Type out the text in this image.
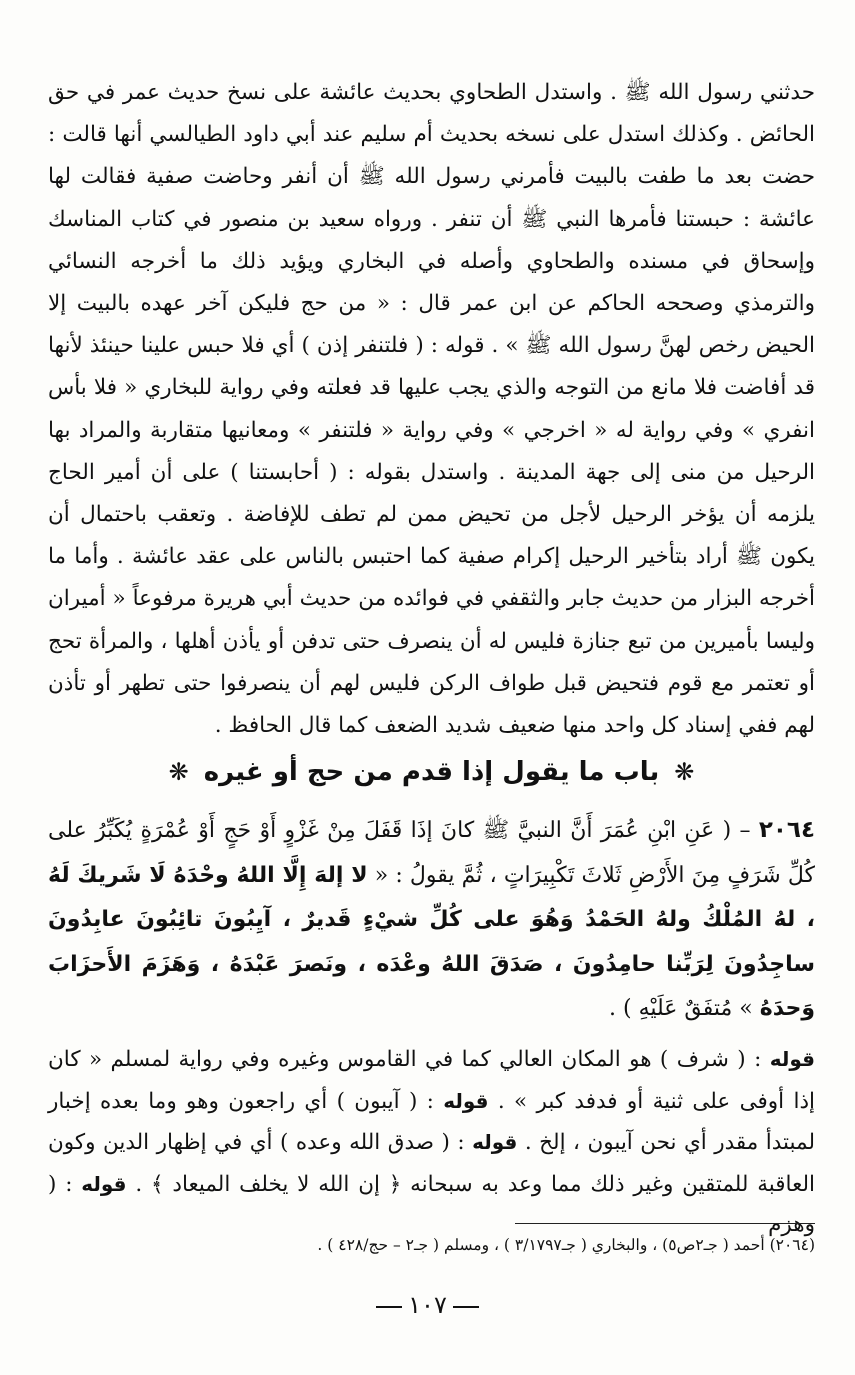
حدثني رسول الله ﷺ . واستدل الطحاوي بحديث عائشة على نسخ حديث عمر في حق الحائض . وكذلك استدل على نسخه بحديث أم سليم عند أبي داود الطيالسي أنها قالت : حضت بعد ما طفت بالبيت فأمرني رسول الله ﷺ أن أنفر وحاضت صفية فقالت لها عائشة : حبستنا فأمرها النبي ﷺ أن تنفر . ورواه سعيد بن منصور في كتاب المناسك وإسحاق في مسنده والطحاوي وأصله في البخاري ويؤيد ذلك ما أخرجه النسائي والترمذي وصححه الحاكم عن ابن عمر قال : « من حج فليكن آخر عهده بالبيت إلا الحيض رخص لهنَّ رسول الله ﷺ » . قوله : ( فلتنفر إذن ) أي فلا حبس علينا حينئذ لأنها قد أفاضت فلا مانع من التوجه والذي يجب عليها قد فعلته وفي رواية للبخاري « فلا بأس انفري » وفي رواية له « اخرجي » وفي رواية « فلتنفر » ومعانيها متقاربة والمراد بها الرحيل من منى إلى جهة المدينة . واستدل بقوله : ( أحابستنا ) على أن أمير الحاج يلزمه أن يؤخر الرحيل لأجل من تحيض ممن لم تطف للإفاضة . وتعقب باحتمال أن يكون ﷺ أراد بتأخير الرحيل إكرام صفية كما احتبس بالناس على عقد عائشة . وأما ما أخرجه البزار من حديث جابر والثقفي في فوائده من حديث أبي هريرة مرفوعاً « أميران وليسا بأميرين من تبع جنازة فليس له أن ينصرف حتى تدفن أو يأذن أهلها ، والمرأة تحج أو تعتمر مع قوم فتحيض قبل طواف الركن فليس لهم أن ينصرفوا حتى تطهر أو تأذن لهم ففي إسناد كل واحد منها ضعيف شديد الضعف كما قال الحافظ .
❋ باب ما يقول إذا قدم من حج أو غيره ❋
٢٠٦٤ – ( عَنِ ابْنِ عُمَرَ أَنَّ النبيَّ ﷺ كانَ إذَا قَفَلَ مِنْ غَزْوٍ أَوْ حَجٍ أَوْ عُمْرَةٍ يُكَبِّرُ على كُلِّ شَرَفٍ مِنَ الأَرْضِ ثَلاثَ تَكْبِيرَاتٍ ، ثُمَّ يقولُ : « لا إلهَ إِلَّا اللهُ وحْدَهُ لَا شَريكَ لَهُ ، لهُ المُلْكُ ولهُ الحَمْدُ وَهُوَ على كُلِّ شيْءٍ قَديرٌ ، آيِبُونَ تائِبُونَ عابِدُونَ ساجِدُونَ لِرَبِّنا حامِدُونَ ، صَدَقَ اللهُ وعْدَه ، ونَصرَ عَبْدَهُ ، وَهَزَمَ الأَحزَابَ وَحدَهُ » مُتفَقٌ عَلَيْهِ ) .
قوله : ( شرف ) هو المكان العالي كما في القاموس وغيره وفي رواية لمسلم « كان إذا أوفى على ثنية أو فدفد كبر » . قوله : ( آيبون ) أي راجعون وهو وما بعده إخبار لمبتدأ مقدر أي نحن آيبون ، إلخ . قوله : ( صدق الله وعده ) أي في إظهار الدين وكون العاقبة للمتقين وغير ذلك مما وعد به سبحانه ﴿ إن الله لا يخلف الميعاد ﴾ . قوله : ( وهزم
(٢٠٦٤) أحمد ( جـ٢ص٥) ، والبخاري ( جـ٣/١٧٩٧ ) ، ومسلم ( جـ٢ – حج/٤٢٨ ) .
١٠٧
